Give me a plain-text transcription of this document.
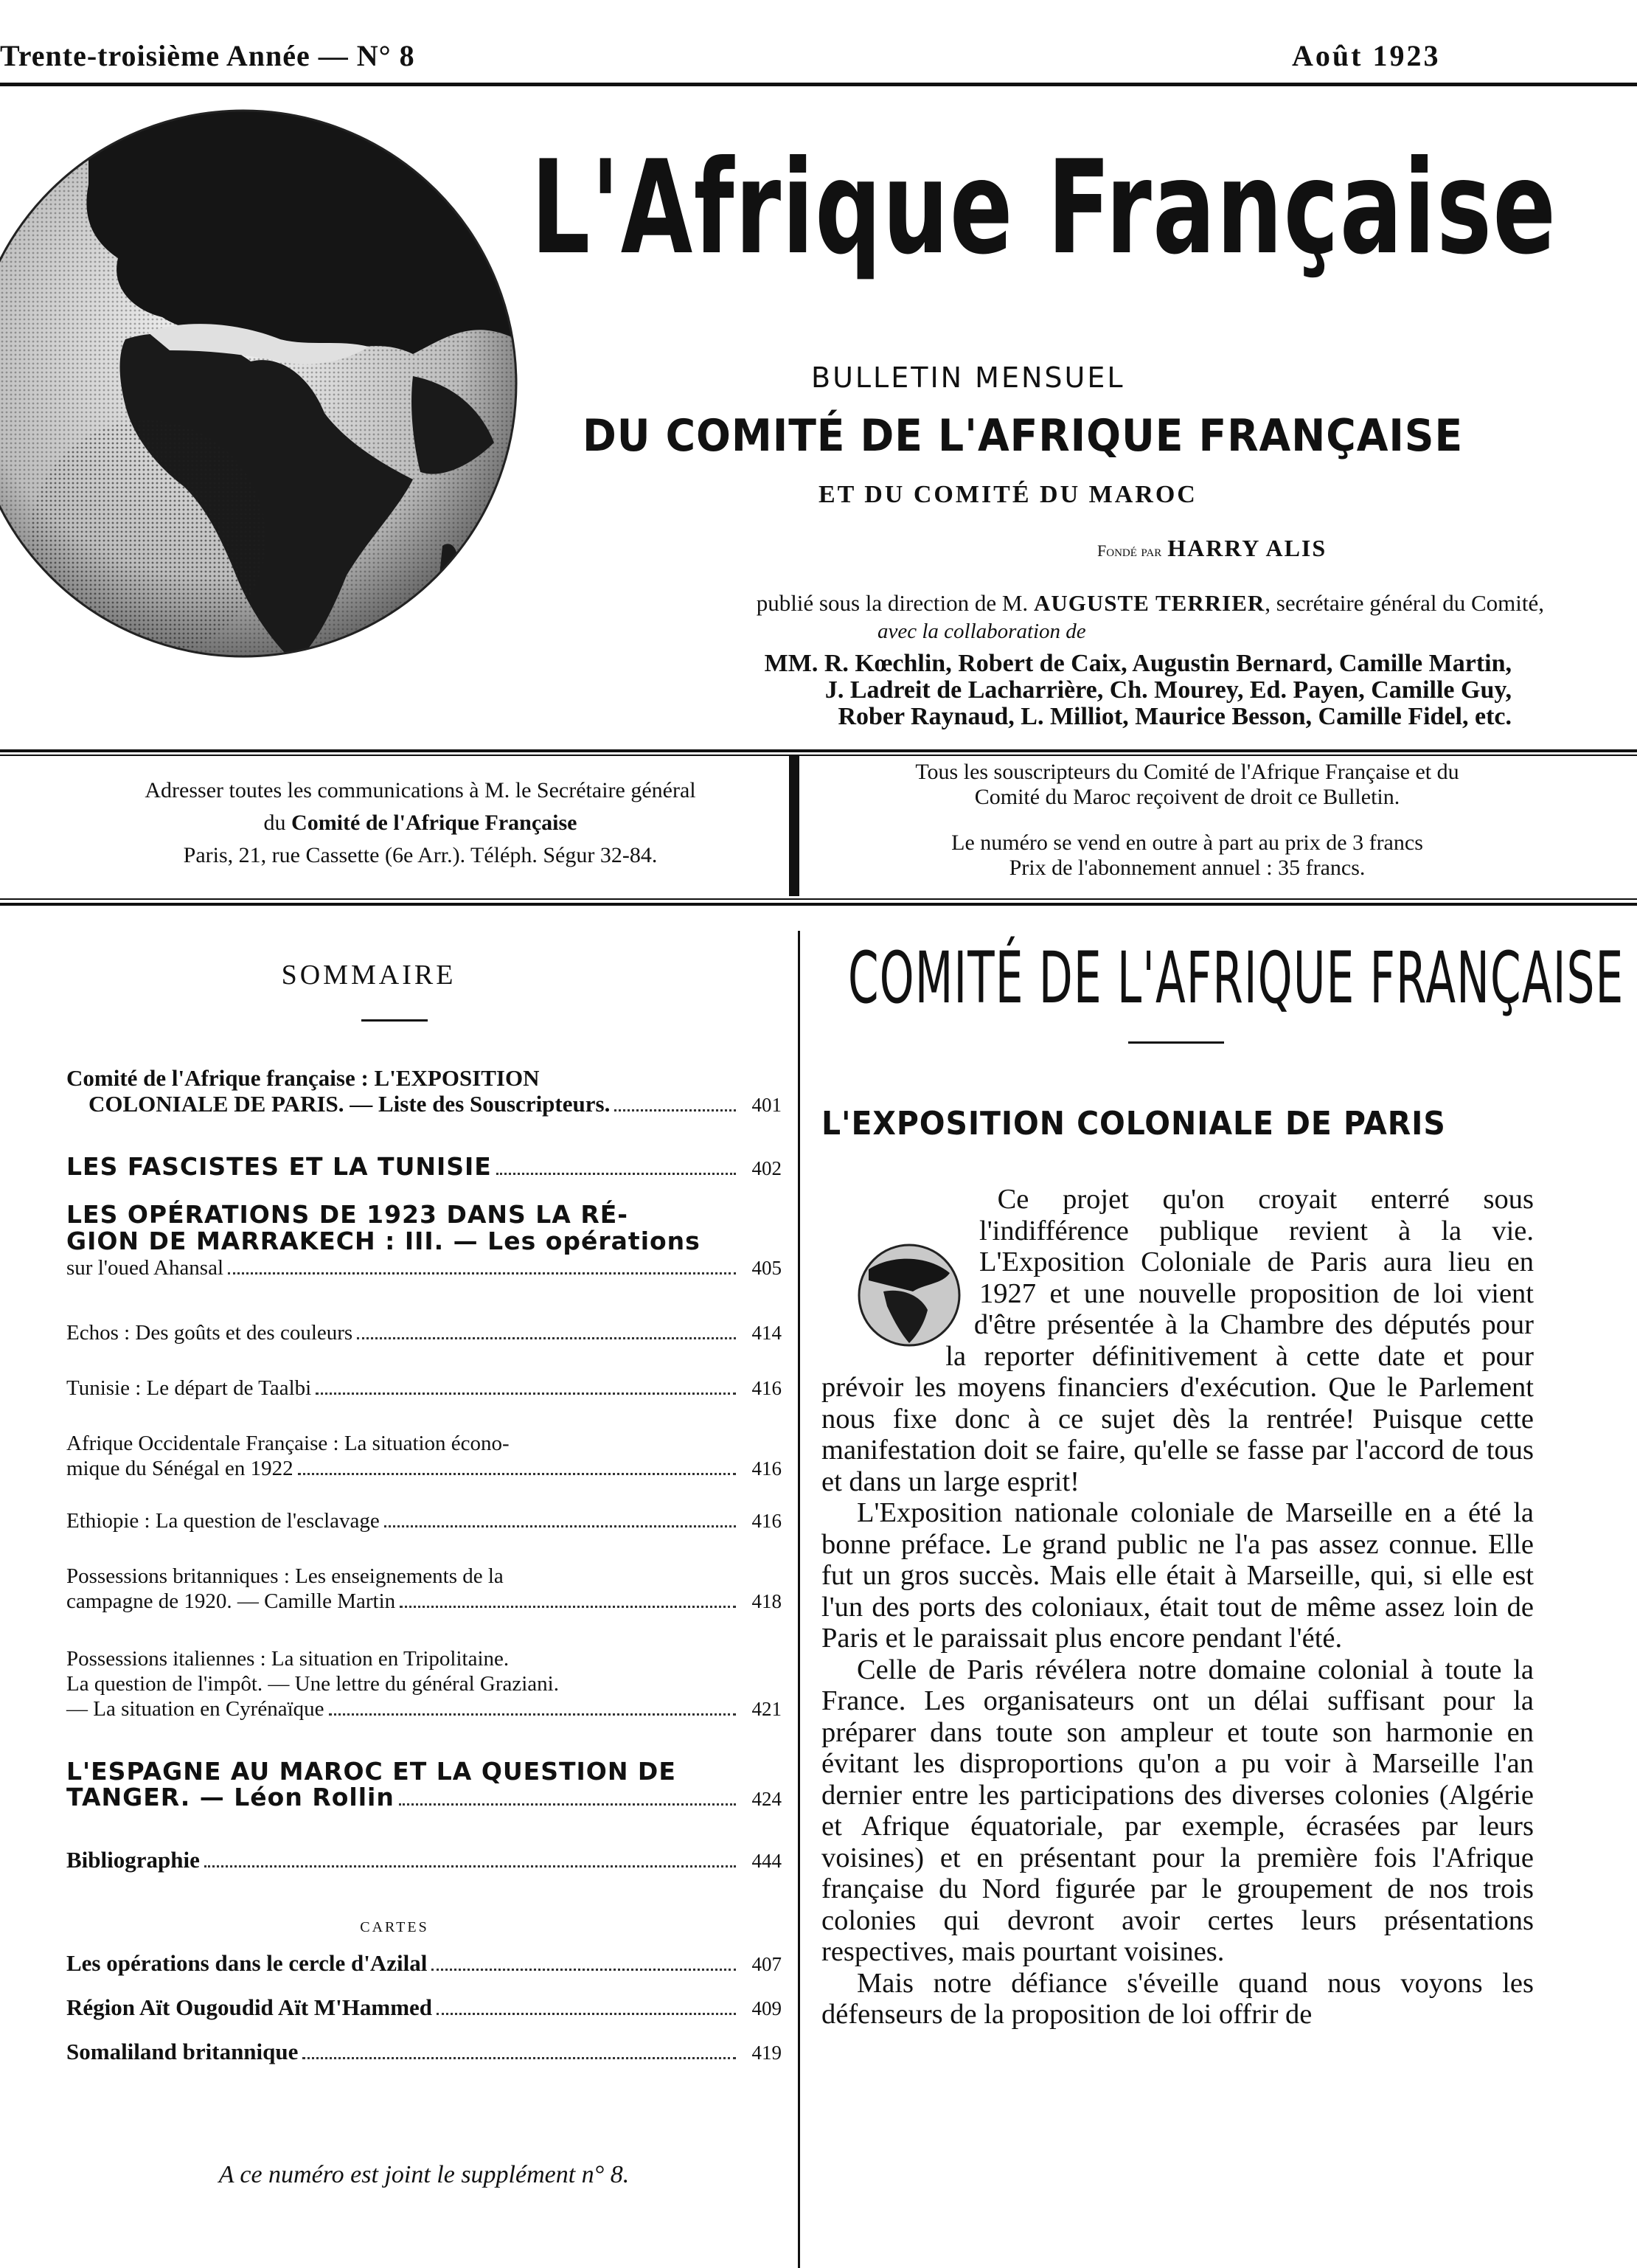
Trente-troisième Année — N° 8	Août 1923
L'Afrique Française
BULLETIN MENSUEL
DU COMITÉ DE L'AFRIQUE FRANÇAISE
ET DU COMITÉ DU MAROC
Fondé par HARRY ALIS
publié sous la direction de M. AUGUSTE TERRIER, secrétaire général du Comité,
avec la collaboration de
MM. R. Kœchlin, Robert de Caix, Augustin Bernard, Camille Martin,
J. Ladreit de Lacharrière, Ch. Mourey, Ed. Payen, Camille Guy,
Rober Raynaud, L. Milliot, Maurice Besson, Camille Fidel, etc.
Adresser toutes les communications à M. le Secrétaire général
du Comité de l'Afrique Française
Paris, 21, rue Cassette (6e Arr.). Téléph. Ségur 32-84.

Tous les souscripteurs du Comité de l'Afrique Française et du

Comité du Maroc reçoivent de droit ce Bulletin.

Le numéro se vend en outre à part au prix de 3 francs

Prix de l'abonnement annuel : 35 francs.

SOMMAIRE
Comité de l'Afrique française : L'EXPOSITION
COLONIALE DE PARIS. — Liste des Souscripteurs.	401
LES FASCISTES ET LA TUNISIE	402
LES OPÉRATIONS DE 1923 DANS LA RÉ-
GION DE MARRAKECH : III. — Les opérations
sur l'oued Ahansal	405
Echos : Des goûts et des couleurs	414
Tunisie : Le départ de Taalbi	416
Afrique Occidentale Française : La situation écono-
mique du Sénégal en 1922	416
Ethiopie : La question de l'esclavage	416
Possessions britanniques : Les enseignements de la
campagne de 1920. — Camille Martin	418
Possessions italiennes : La situation en Tripolitaine.
La question de l'impôt. — Une lettre du général Graziani.
— La situation en Cyrénaïque	421
L'ESPAGNE AU MAROC ET LA QUESTION DE
TANGER. — Léon Rollin	424
Bibliographie	444
CARTES
Les opérations dans le cercle d'Azilal	407
Région Aït Ougoudid Aït M'Hammed	409
Somaliland britannique	419
A ce numéro est joint le supplément n° 8.
COMITÉ DE L'AFRIQUE FRANÇAISE
L'EXPOSITION COLONIALE DE PARIS

Ce projet qu'on croyait enterré sous l'indifférence publique revient à la vie. L'Exposition Coloniale de Paris aura lieu en 1927 et une nouvelle proposition de loi vient d'être présentée à la Chambre des députés pour la reporter définitivement à cette date et pour prévoir les moyens financiers d'exécution. Que le Parlement nous fixe donc à ce sujet dès la rentrée! Puisque cette manifestation doit se faire, qu'elle se fasse par l'accord de tous et dans un large esprit!

L'Exposition nationale coloniale de Marseille en a été la bonne préface. Le grand public ne l'a pas assez connue. Elle fut un gros succès. Mais elle était à Marseille, qui, si elle est l'un des ports des coloniaux, était tout de même assez loin de Paris et le paraissait plus encore pendant l'été.

Celle de Paris révélera notre domaine colonial à toute la France. Les organisateurs ont un délai suffisant pour la préparer dans toute son ampleur et toute son harmonie en évitant les disproportions qu'on a pu voir à Marseille l'an dernier entre les participations des diverses colonies (Algérie et Afrique équatoriale, par exemple, écrasées par leurs voisines) et en présentant pour la première fois l'Afrique française du Nord figurée par le groupement de nos trois colonies qui devront avoir certes leurs présentations respectives, mais pourtant voisines.

Mais notre défiance s'éveille quand nous voyons les défenseurs de la proposition de loi offrir de
